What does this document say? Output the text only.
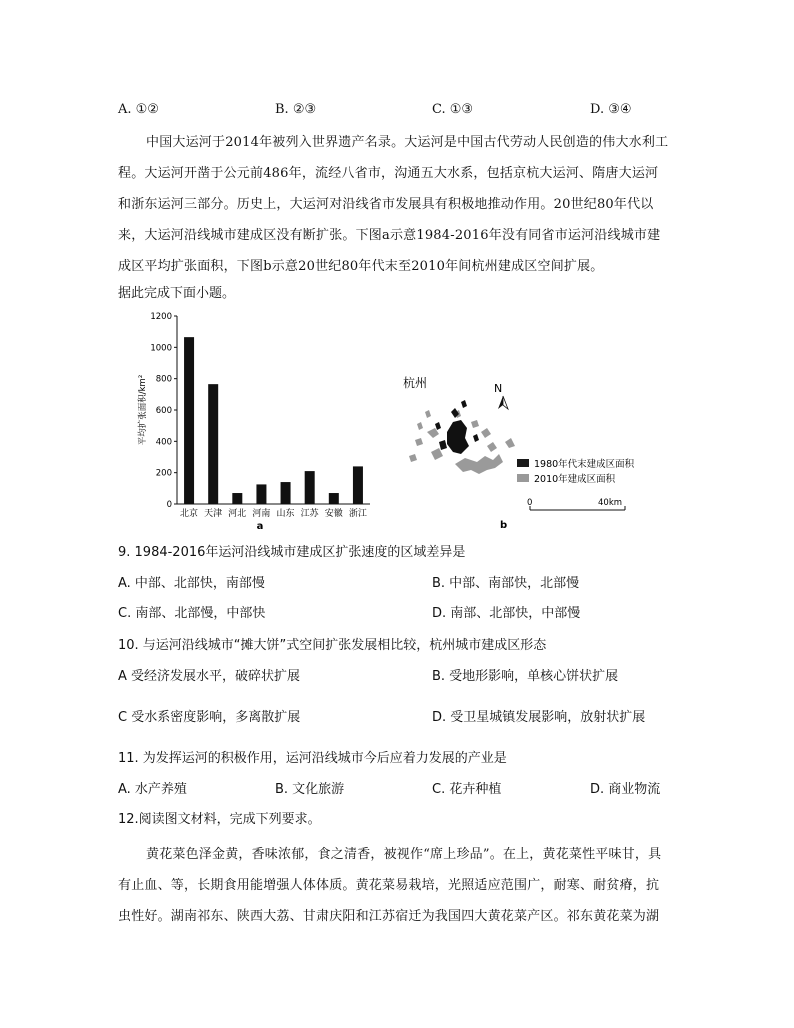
A. ①②	B. ②③	C. ①③	D. ③④
中国大运河于2014年被列入世界遗产名录。大运河是中国古代劳动人民创造的伟大水利工
程。大运河开凿于公元前486年，流经八省市，沟通五大水系，包括京杭大运河、隋唐大运河
和浙东运河三部分。历史上，大运河对沿线省市发展具有积极地推动作用。20世纪80年代以
来，大运河沿线城市建成区没有断扩张。下图a示意1984-2016年没有同省市运河沿线城市建
成区平均扩张面积，下图b示意20世纪80年代末至2010年间杭州建成区空间扩展。
据此完成下面小题。
0
200
400
600
800
1000
1200
北京 天津 河北 河南 山东 江苏 安徽 浙江
平均扩张面积/km²
a
杭州	N
1980年代末建成区面积
2010年建成区面积
0	40km
b
9. 1984-2016年运河沿线城市建成区扩张速度的区域差异是
A. 中部、北部快，南部慢	B. 中部、南部快，北部慢
C. 南部、北部慢，中部快	D. 南部、北部快，中部慢
10. 与运河沿线城市“摊大饼”式空间扩张发展相比较，杭州城市建成区形态
A 受经济发展水平，破碎状扩展	B. 受地形影响，单核心饼状扩展
C 受水系密度影响，多离散扩展	D. 受卫星城镇发展影响，放射状扩展
11. 为发挥运河的积极作用，运河沿线城市今后应着力发展的产业是
A. 水产养殖	B. 文化旅游	C. 花卉种植	D. 商业物流
12.阅读图文材料，完成下列要求。
黄花菜色泽金黄，香味浓郁，食之清香，被视作“席上珍品”。在上，黄花菜性平味甘，具
有止血、等，长期食用能增强人体体质。黄花菜易栽培，光照适应范围广，耐寒、耐贫瘠，抗
虫性好。湖南祁东、陕西大荔、甘肃庆阳和江苏宿迁为我国四大黄花菜产区。祁东黄花菜为湖
